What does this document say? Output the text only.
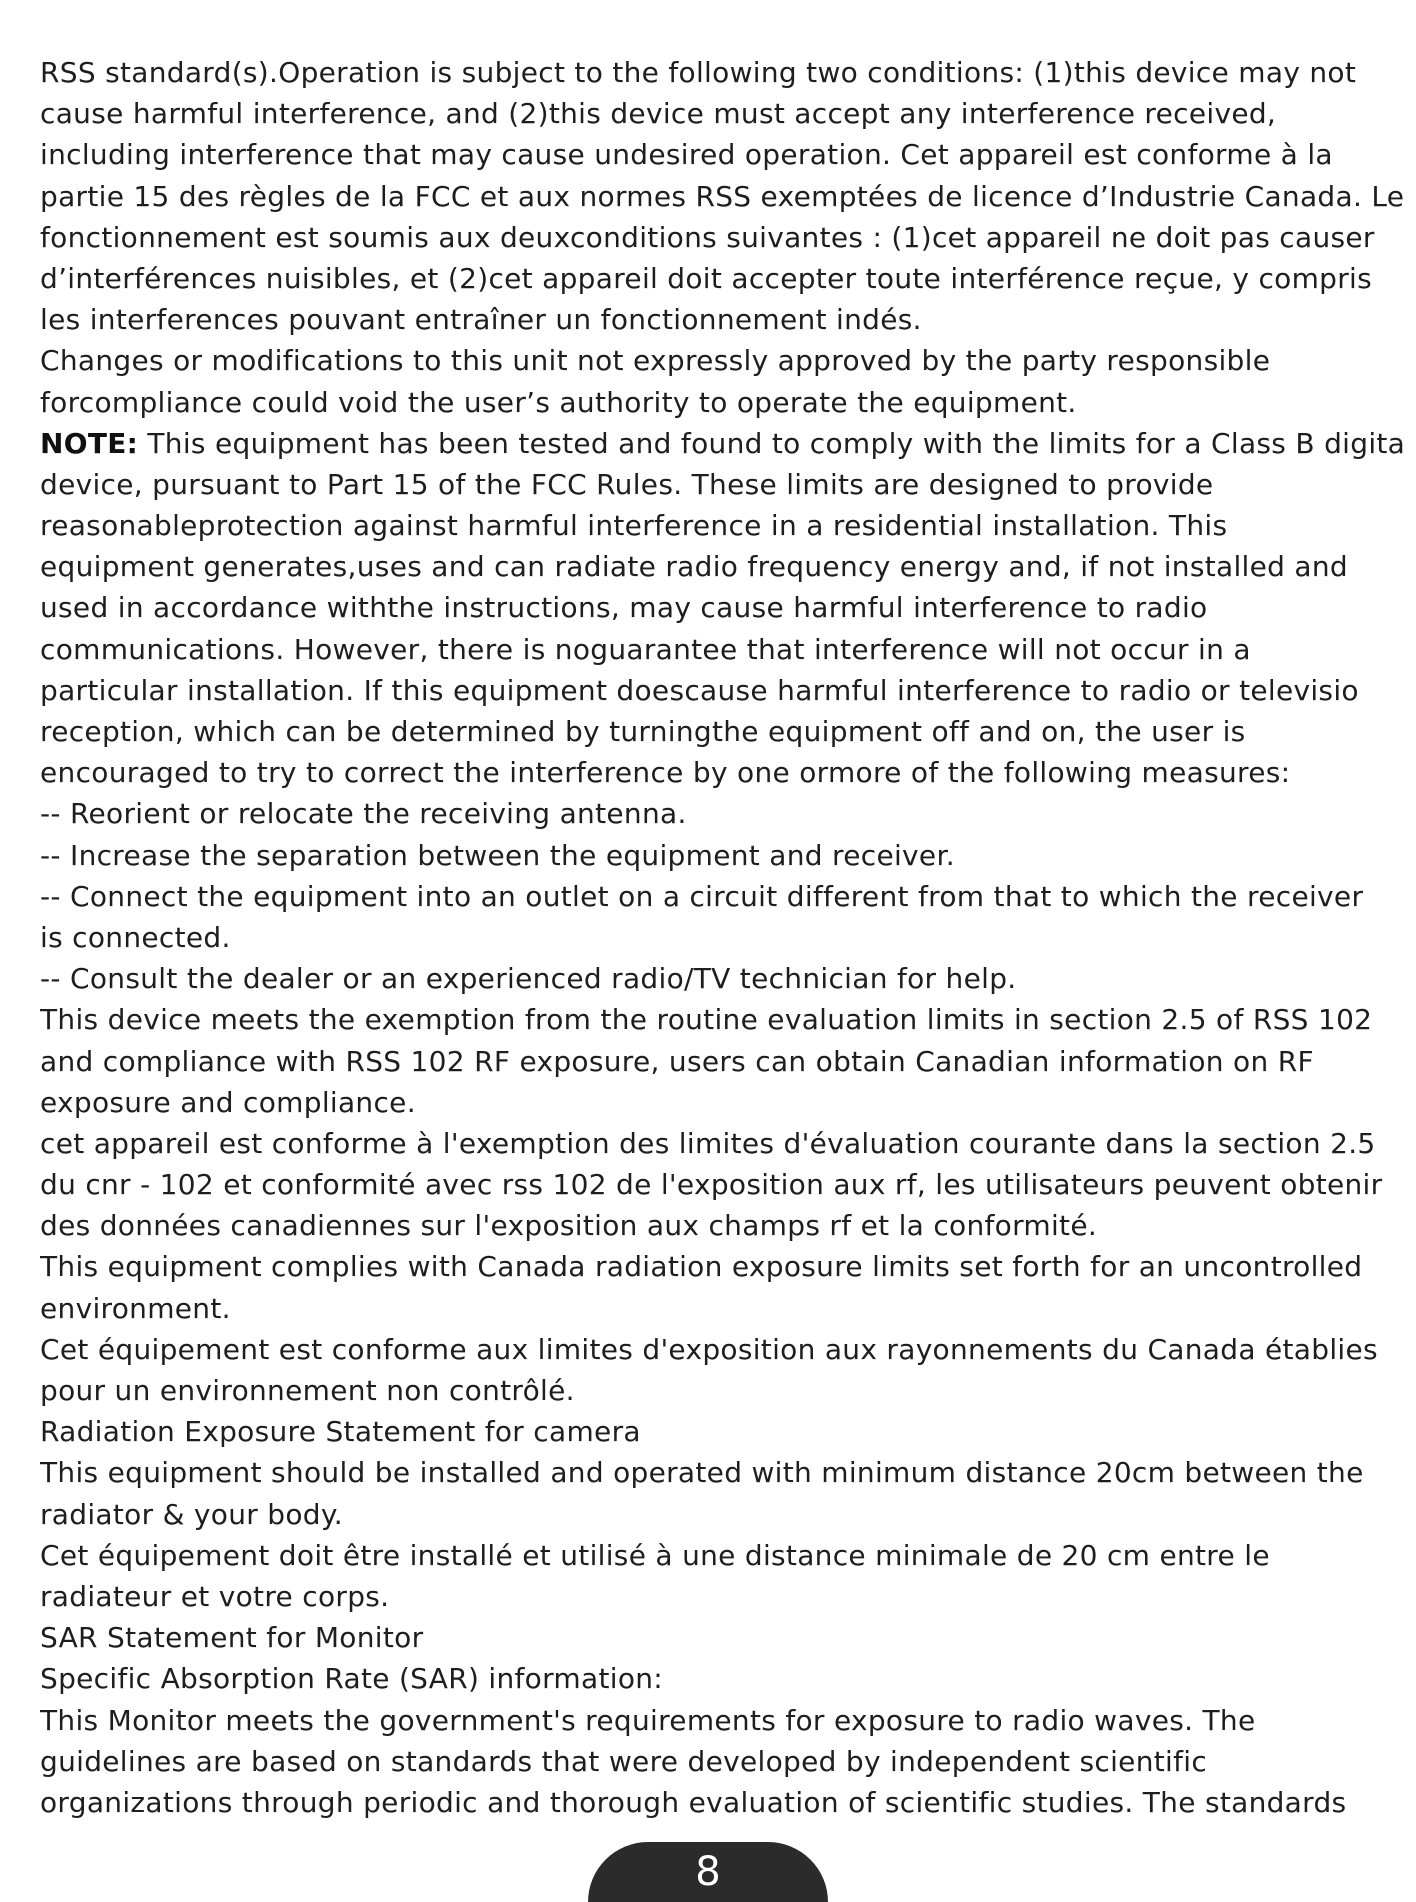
RSS standard(s).Operation is subject to the following two conditions: (1)this device may not
cause harmful interference, and (2)this device must accept any interference received,
including interference that may cause undesired operation. Cet appareil est conforme à la
partie 15 des règles de la FCC et aux normes RSS exemptées de licence d’Industrie Canada. Le
fonctionnement est soumis aux deuxconditions suivantes : (1)cet appareil ne doit pas causer
d’interférences nuisibles, et (2)cet appareil doit accepter toute interférence reçue, y compris
les interferences pouvant entraîner un fonctionnement indés.
Changes or modifications to this unit not expressly approved by the party responsible
forcompliance could void the user’s authority to operate the equipment.
NOTE: This equipment has been tested and found to comply with the limits for a Class B digita
device, pursuant to Part 15 of the FCC Rules. These limits are designed to provide
reasonableprotection against harmful interference in a residential installation. This
equipment generates,uses and can radiate radio frequency energy and, if not installed and
used in accordance withthe instructions, may cause harmful interference to radio
communications. However, there is noguarantee that interference will not occur in a
particular installation. If this equipment doescause harmful interference to radio or televisio
reception, which can be determined by turningthe equipment off and on, the user is
encouraged to try to correct the interference by one ormore of the following measures:
-- Reorient or relocate the receiving antenna.
-- Increase the separation between the equipment and receiver.
-- Connect the equipment into an outlet on a circuit different from that to which the receiver
is connected.
-- Consult the dealer or an experienced radio/TV technician for help.
This device meets the exemption from the routine evaluation limits in section 2.5 of RSS 102
and compliance with RSS 102 RF exposure, users can obtain Canadian information on RF
exposure and compliance.
cet appareil est conforme à l'exemption des limites d'évaluation courante dans la section 2.5
du cnr - 102 et conformité avec rss 102 de l'exposition aux rf, les utilisateurs peuvent obtenir
des données canadiennes sur l'exposition aux champs rf et la conformité.
This equipment complies with Canada radiation exposure limits set forth for an uncontrolled
environment.
Cet équipement est conforme aux limites d'exposition aux rayonnements du Canada établies
pour un environnement non contrôlé.
Radiation Exposure Statement for camera
This equipment should be installed and operated with minimum distance 20cm between the
radiator & your body.
Cet équipement doit être installé et utilisé à une distance minimale de 20 cm entre le
radiateur et votre corps.
SAR Statement for Monitor
Specific Absorption Rate (SAR) information:
This Monitor meets the government's requirements for exposure to radio waves. The
guidelines are based on standards that were developed by independent scientific
organizations through periodic and thorough evaluation of scientific studies. The standards
8
